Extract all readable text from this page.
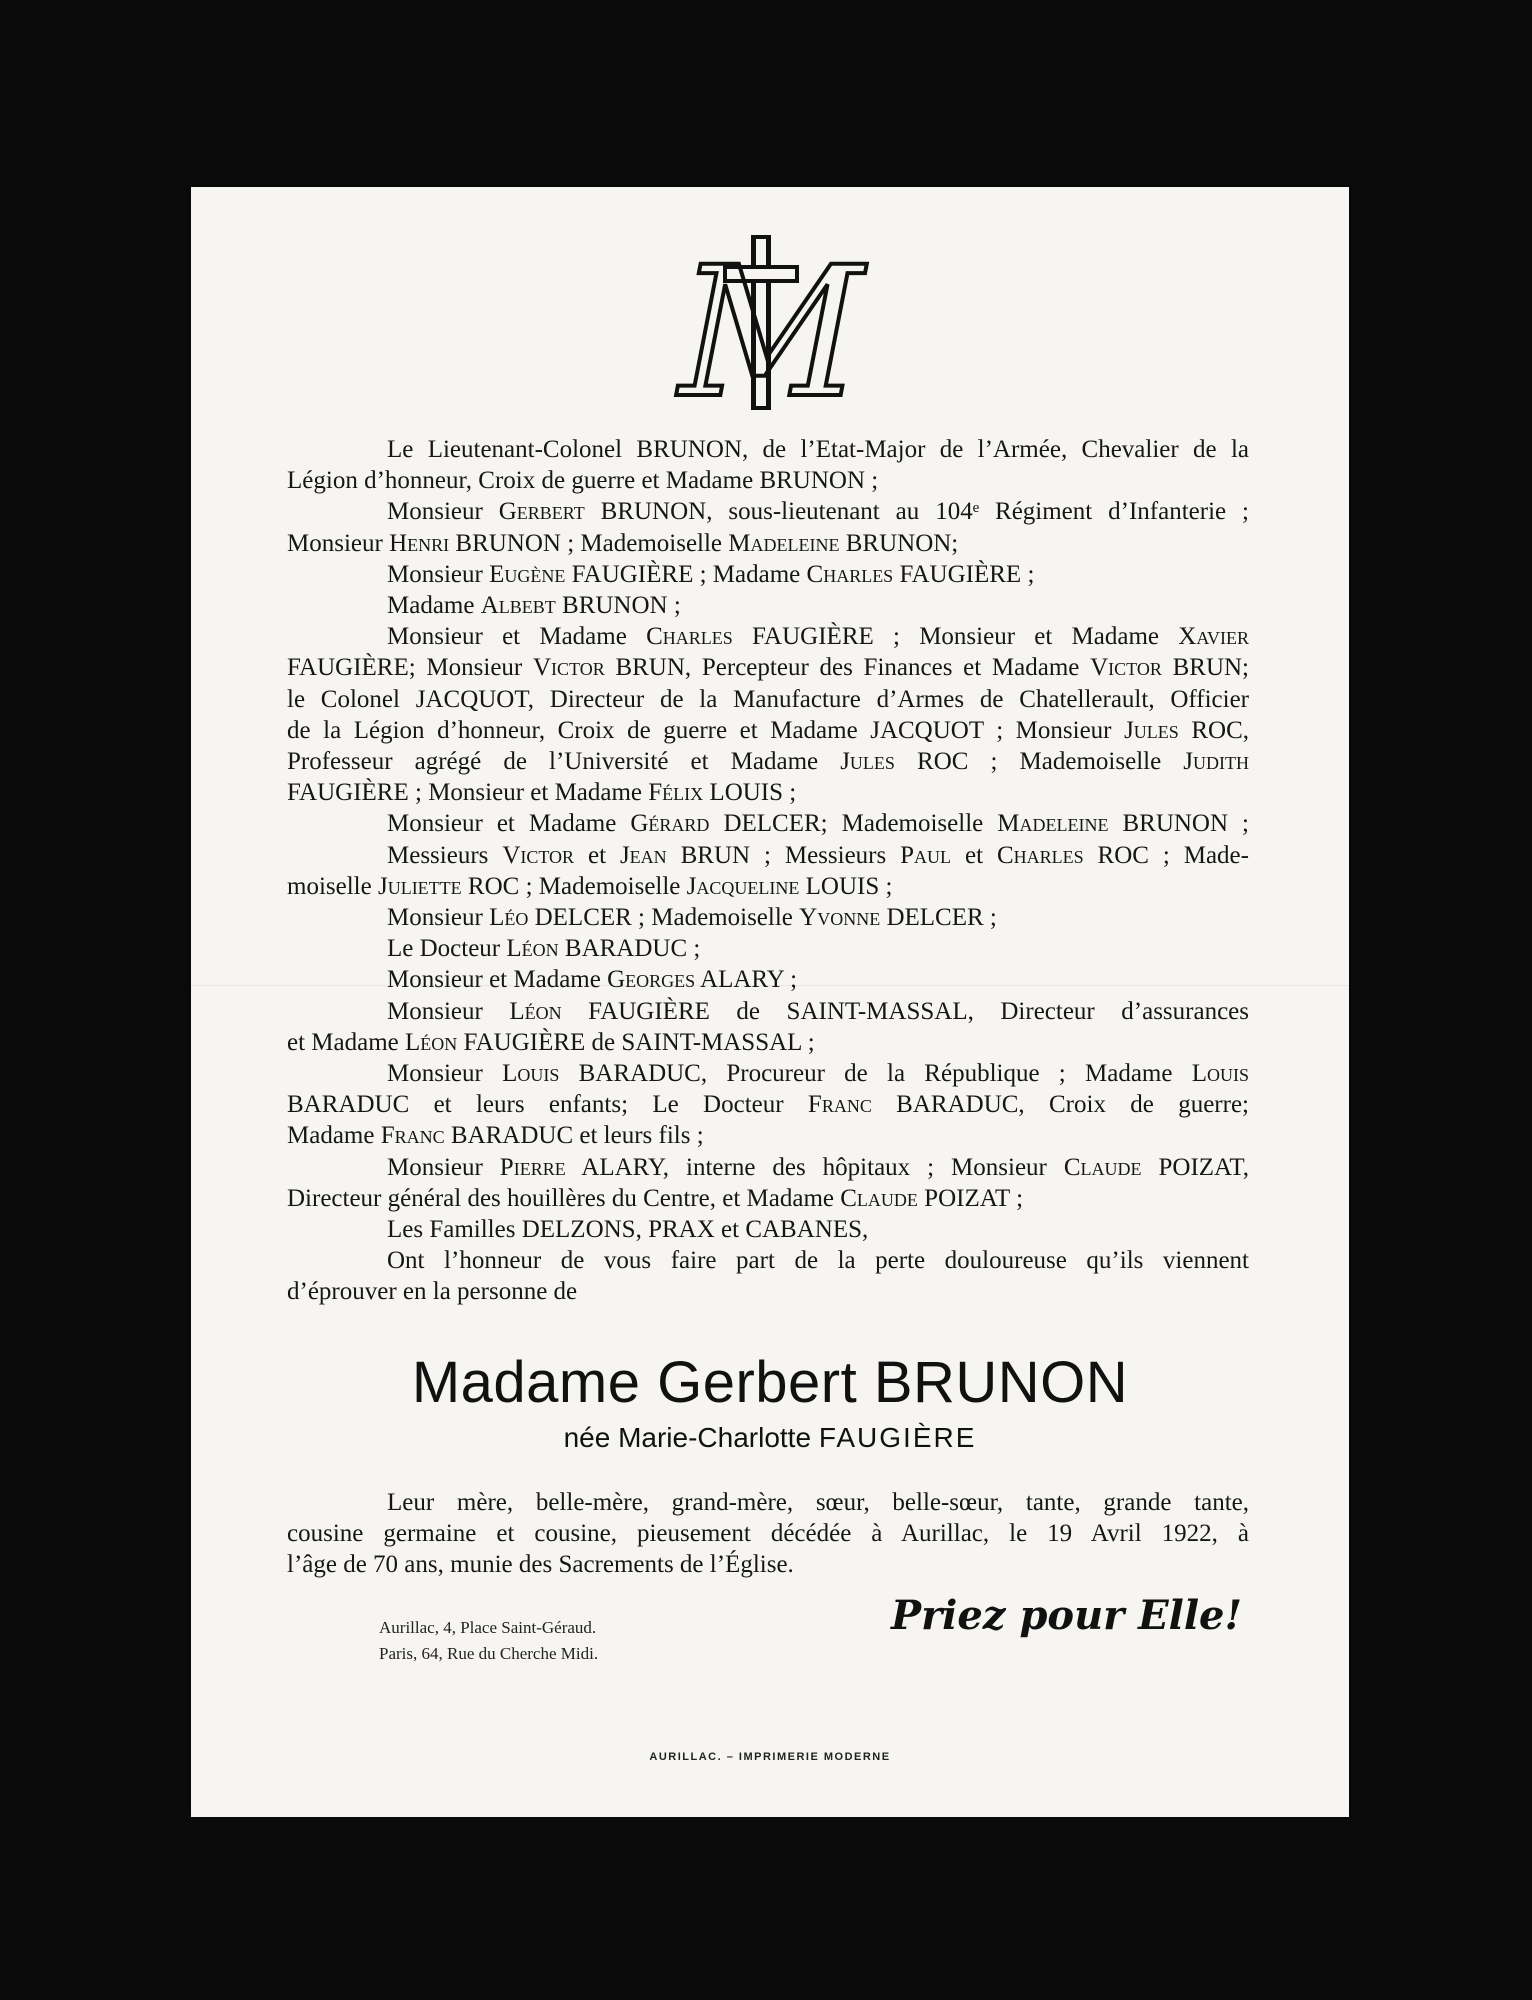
M
Le Lieutenant-Colonel BRUNON, de l’Etat-Major de l’Armée, Chevalier de la
Légion d’honneur, Croix de guerre et Madame BRUNON ;
Monsieur Gerbert BRUNON, sous-lieutenant au 104ᵉ Régiment d’Infanterie ;
Monsieur Henri BRUNON ; Mademoiselle Madeleine BRUNON;
Monsieur Eugène FAUGIÈRE ; Madame Charles FAUGIÈRE ;
Madame Albebt BRUNON ;
Monsieur et Madame Charles FAUGIÈRE ; Monsieur et Madame Xavier
FAUGIÈRE; Monsieur Victor BRUN, Percepteur des Finances et Madame Victor BRUN;
le Colonel JACQUOT, Directeur de la Manufacture d’Armes de Chatellerault, Officier
de la Légion d’honneur, Croix de guerre et Madame JACQUOT ; Monsieur Jules ROC,
Professeur agrégé de l’Université et Madame Jules ROC ; Mademoiselle Judith
FAUGIÈRE ; Monsieur et Madame Félix LOUIS ;
Monsieur et Madame Gérard DELCER; Mademoiselle Madeleine BRUNON ;
Messieurs Victor et Jean BRUN ; Messieurs Paul et Charles ROC ; Made-
moiselle Juliette ROC ; Mademoiselle Jacqueline LOUIS ;
Monsieur Léo DELCER ; Mademoiselle Yvonne DELCER ;
Le Docteur Léon BARADUC ;
Monsieur et Madame Georges ALARY ;
Monsieur Léon FAUGIÈRE de SAINT-MASSAL, Directeur d’assurances
et Madame Léon FAUGIÈRE de SAINT-MASSAL ;
Monsieur Louis BARADUC, Procureur de la République ; Madame Louis
BARADUC et leurs enfants; Le Docteur Franc BARADUC, Croix de guerre;
Madame Franc BARADUC et leurs fils ;
Monsieur Pierre ALARY, interne des hôpitaux ; Monsieur Claude POIZAT,
Directeur général des houillères du Centre, et Madame Claude POIZAT ;
Les Familles DELZONS, PRAX et CABANES,
Ont l’honneur de vous faire part de la perte douloureuse qu’ils viennent
d’éprouver en la personne de
Madame Gerbert BRUNON
née Marie-Charlotte FAUGIÈRE
Leur mère, belle-mère, grand-mère, sœur, belle-sœur, tante, grande tante,
cousine germaine et cousine, pieusement décédée à Aurillac, le 19 Avril 1922, à
l’âge de 70 ans, munie des Sacrements de l’Église.
Aurillac, 4, Place Saint-Géraud.
Paris, 64, Rue du Cherche Midi.
Priez pour Elle!
AURILLAC. – IMPRIMERIE MODERNE
